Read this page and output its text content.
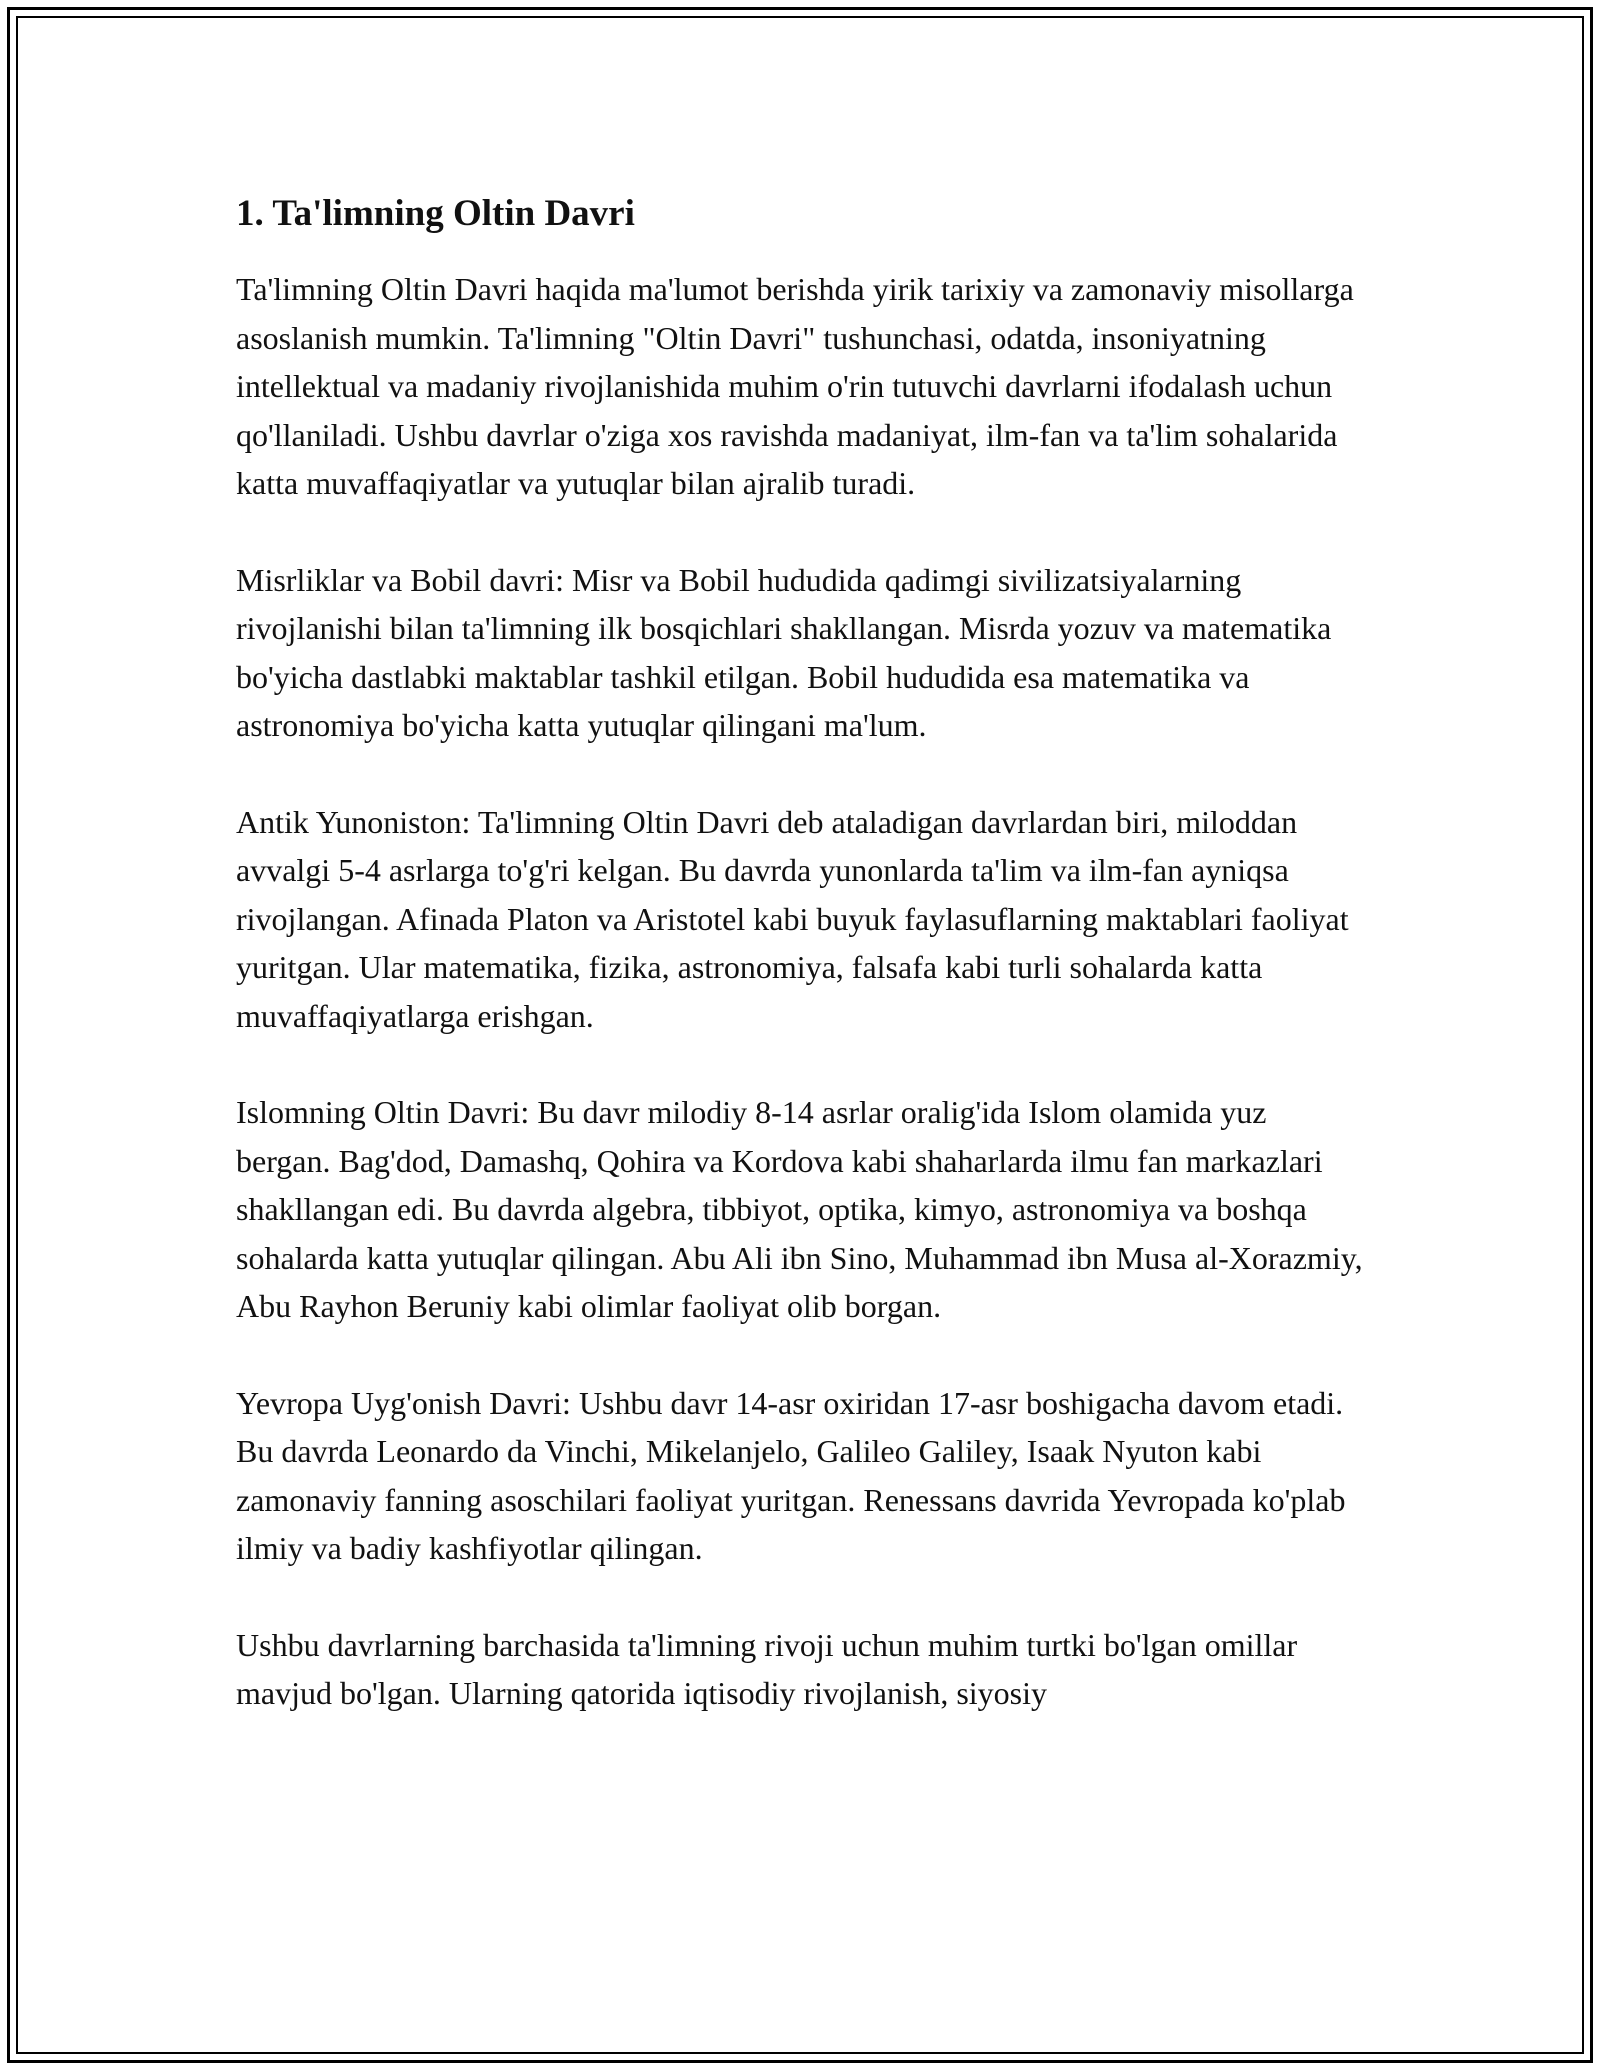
1. Ta'limning Oltin Davri

Ta'limning Oltin Davri haqida ma'lumot berishda yirik tarixiy va zamonaviy misollarga asoslanish mumkin. Ta'limning "Oltin Davri" tushunchasi, odatda, insoniyatning intellektual va madaniy rivojlanishida muhim o'rin tutuvchi davrlarni ifodalash uchun qo'llaniladi. Ushbu davrlar o'ziga xos ravishda madaniyat, ilm-fan va ta'lim sohalarida katta muvaffaqiyatlar va yutuqlar bilan ajralib turadi.

Misrliklar va Bobil davri: Misr va Bobil hududida qadimgi sivilizatsiyalarning rivojlanishi bilan ta'limning ilk bosqichlari shakllangan. Misrda yozuv va matematika bo'yicha dastlabki maktablar tashkil etilgan. Bobil hududida esa matematika va astronomiya bo'yicha katta yutuqlar qilingani ma'lum.

Antik Yunoniston: Ta'limning Oltin Davri deb ataladigan davrlardan biri, miloddan avvalgi 5-4 asrlarga to'g'ri kelgan. Bu davrda yunonlarda ta'lim va ilm-fan ayniqsa rivojlangan. Afinada Platon va Aristotel kabi buyuk faylasuflarning maktablari faoliyat yuritgan. Ular matematika, fizika, astronomiya, falsafa kabi turli sohalarda katta muvaffaqiyatlarga erishgan.

Islomning Oltin Davri: Bu davr milodiy 8-14 asrlar oralig'ida Islom olamida yuz bergan. Bag'dod, Damashq, Qohira va Kordova kabi shaharlarda ilmu fan markazlari shakllangan edi. Bu davrda algebra, tibbiyot, optika, kimyo, astronomiya va boshqa sohalarda katta yutuqlar qilingan. Abu Ali ibn Sino, Muhammad ibn Musa al-Xorazmiy, Abu Rayhon Beruniy kabi olimlar faoliyat olib borgan.

Yevropa Uyg'onish Davri: Ushbu davr 14-asr oxiridan 17-asr boshigacha davom etadi. Bu davrda Leonardo da Vinchi, Mikelanjelo, Galileo Galiley, Isaak Nyuton kabi zamonaviy fanning asoschilari faoliyat yuritgan. Renessans davrida Yevropada ko'plab ilmiy va badiy kashfiyotlar qilingan.

Ushbu davrlarning barchasida ta'limning rivoji uchun muhim turtki bo'lgan omillar mavjud bo'lgan. Ularning qatorida iqtisodiy rivojlanish, siyosiy
